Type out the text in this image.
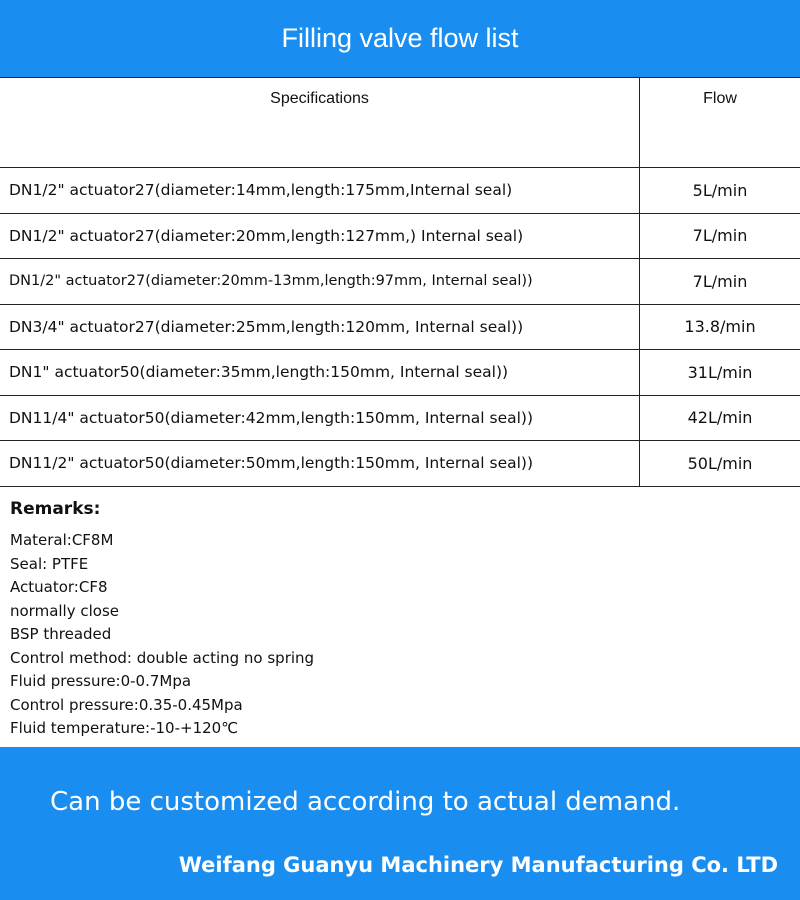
Filling valve flow list
Specifications	Flow
DN1/2" actuator27(diameter:14mm,length:175mm,Internal seal)	5L/min
DN1/2" actuator27(diameter:20mm,length:127mm,) Internal seal)	7L/min
DN1/2" actuator27(diameter:20mm-13mm,length:97mm, Internal seal))	7L/min
DN3/4" actuator27(diameter:25mm,length:120mm, Internal seal))	13.8/min
DN1" actuator50(diameter:35mm,length:150mm, Internal seal))	31L/min
DN11/4" actuator50(diameter:42mm,length:150mm, Internal seal))	42L/min
DN11/2" actuator50(diameter:50mm,length:150mm, Internal seal))	50L/min
Remarks:
Materal:CF8M
Seal: PTFE
Actuator:CF8
normally close
BSP threaded
Control method: double acting no spring
Fluid pressure:0-0.7Mpa
Control pressure:0.35-0.45Mpa
Fluid temperature:-10-+120℃
Can be customized according to actual demand.
Weifang Guanyu Machinery Manufacturing Co. LTD
